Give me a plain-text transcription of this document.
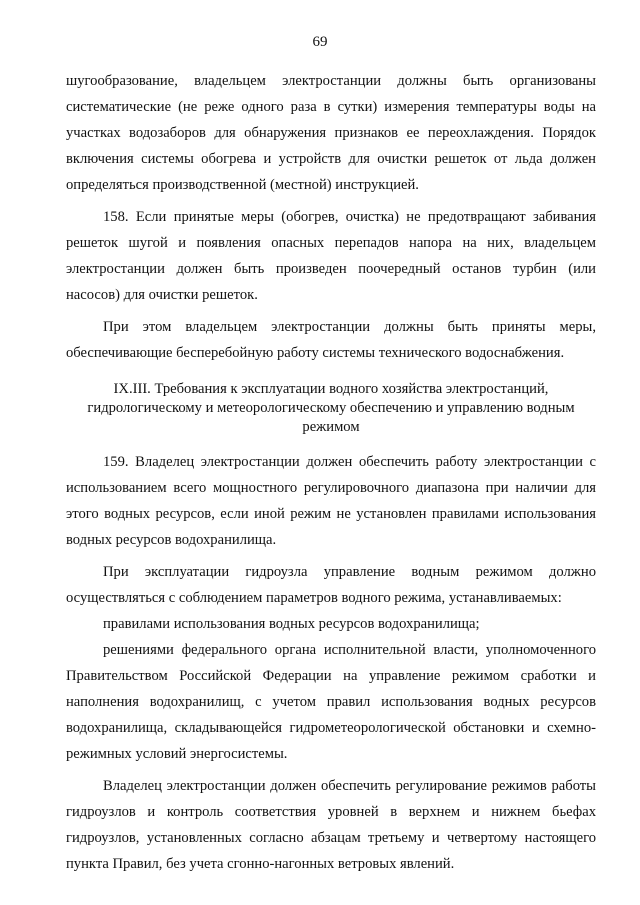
69

шугообразование, владельцем электростанции должны быть организованы систематические (не реже одного раза в сутки) измерения температуры воды на участках водозаборов для обнаружения признаков ее переохлаждения. Порядок включения системы обогрева и устройств для очистки решеток от льда должен определяться производственной (местной) инструкцией.

158. Если принятые меры (обогрев, очистка) не предотвращают забивания решеток шугой и появления опасных перепадов напора на них, владельцем электростанции должен быть произведен поочередный останов турбин (или насосов) для очистки решеток.

При этом владельцем электростанции должны быть приняты меры, обеспечивающие бесперебойную работу системы технического водоснабжения.

IX.III. Требования к эксплуатации водного хозяйства электростанций, гидрологическому и метеорологическому обеспечению и управлению водным режимом

159. Владелец электростанции должен обеспечить работу электростанции с использованием всего мощностного регулировочного диапазона при наличии для этого водных ресурсов, если иной режим не установлен правилами использования водных ресурсов водохранилища.

При эксплуатации гидроузла управление водным режимом должно осуществляться с соблюдением параметров водного режима, устанавливаемых:

правилами использования водных ресурсов водохранилища;

решениями федерального органа исполнительной власти, уполномоченного Правительством Российской Федерации на управление режимом сработки и наполнения водохранилищ, с учетом правил использования водных ресурсов водохранилища, складывающейся гидрометеорологической обстановки и схемно-режимных условий энергосистемы.

Владелец электростанции должен обеспечить регулирование режимов работы гидроузлов и контроль соответствия уровней в верхнем и нижнем бьефах гидроузлов, установленных согласно абзацам третьему и четвертому настоящего пункта Правил, без учета сгонно-нагонных ветровых явлений.
